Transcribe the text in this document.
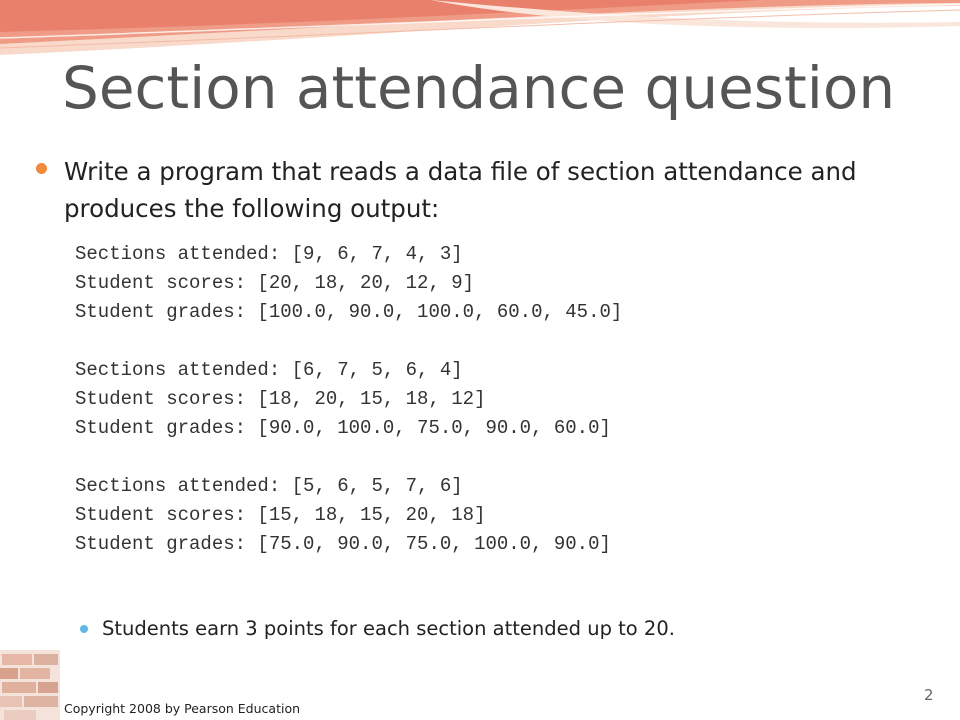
Section attendance question
Write a program that reads a data file of section attendance and produces the following output:
Sections attended: [9, 6, 7, 4, 3]
Student scores: [20, 18, 20, 12, 9]
Student grades: [100.0, 90.0, 100.0, 60.0, 45.0]
Sections attended: [6, 7, 5, 6, 4]
Student scores: [18, 20, 15, 18, 12]
Student grades: [90.0, 100.0, 75.0, 90.0, 60.0]
Sections attended: [5, 6, 5, 7, 6]
Student scores: [15, 18, 15, 20, 18]
Student grades: [75.0, 90.0, 75.0, 100.0, 90.0]
Students earn 3 points for each section attended up to 20.
Copyright 2008 by Pearson Education
2
